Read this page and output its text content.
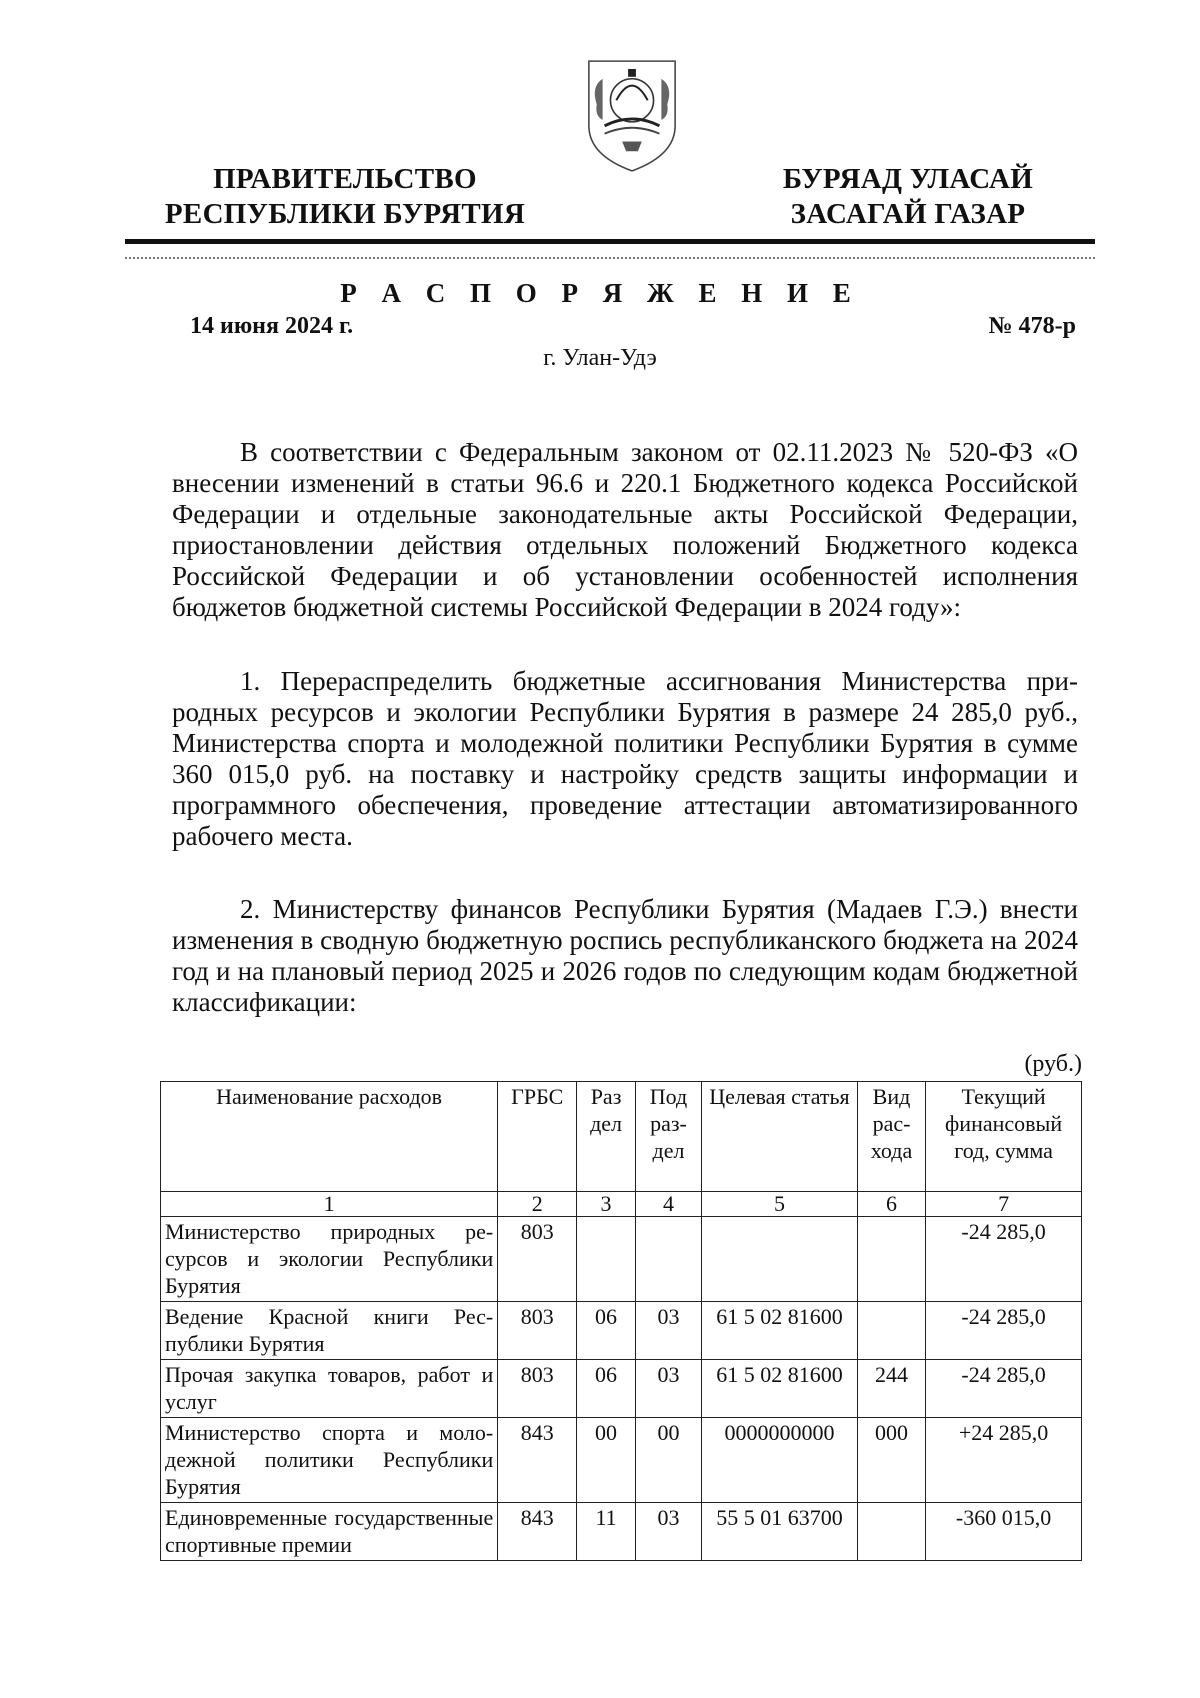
ПРАВИТЕЛЬСТВО
РЕСПУБЛИКИ БУРЯТИЯ
БУРЯАД УЛАСАЙ
ЗАСАГАЙ ГАЗАР
Р А С П О Р Я Ж Е Н И Е
14 июня 2024 г.	№ 478-р
г. Улан-Удэ

В соответствии с Федеральным законом от 02.11.2023 № 520-ФЗ «О внесении изменений в статьи 96.6 и 220.1 Бюджетного кодекса Российской Федерации и отдельные законодательные акты Российской Федерации, приостановлении действия отдельных положений Бюджетного кодекса Российской Федерации и об установлении особенностей исполнения бюджетов бюджетной системы Российской Федерации в 2024 году»:

1. Перераспределить бюджетные ассигнования Министерства природных ресурсов и экологии Республики Бурятия в размере 24 285,0 руб., Министерства спорта и молодежной политики Республики Бурятия в сумме 360 015,0 руб. на поставку и настройку средств защиты информации и программного обеспечения, проведение аттестации автоматизированного рабочего места.

2. Министерству финансов Республики Бурятия (Мадаев Г.Э.) внести изменения в сводную бюджетную роспись республиканского бюджета на 2024 год и на плановый период 2025 и 2026 годов по следующим кодам бюджетной классификации:

(руб.)
Наименование расходов	ГРБС	Раз дел	Под раздел	Целевая статья	Вид расхода	Текущий финансовый год, сумма
1	2	3	4	5	6	7
Министерство природных ресурсов и экологии Республики Бурятия	803					-24 285,0
Ведение Красной книги Республики Бурятия	803	06	03	61 5 02 81600		-24 285,0
Прочая закупка товаров, работ и услуг	803	06	03	61 5 02 81600	244	-24 285,0
Министерство спорта и молодежной политики Республики Бурятия	843	00	00	0000000000	000	+24 285,0
Единовременные государственные спортивные премии	843	11	03	55 5 01 63700		-360 015,0
